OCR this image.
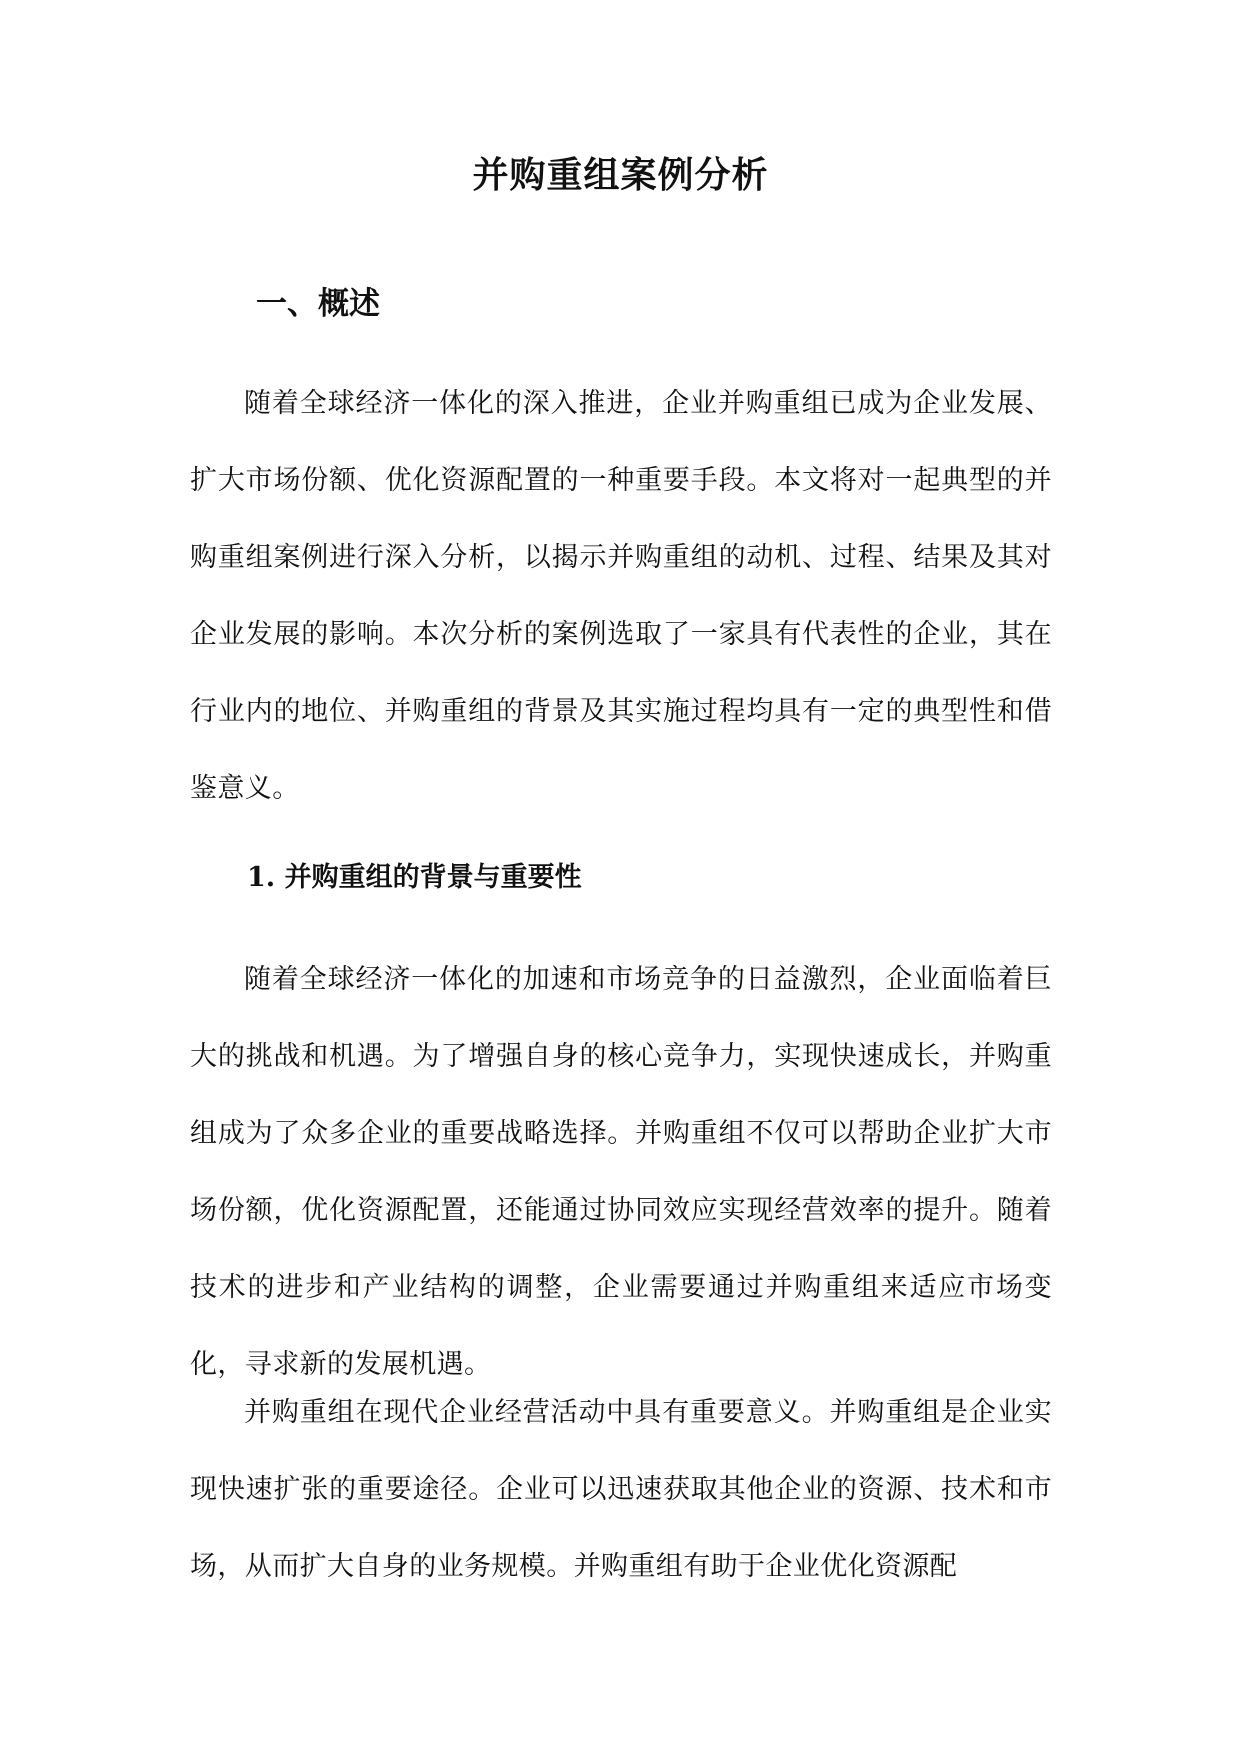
并购重组案例分析
一、概述

随着全球经济一体化的深入推进，企业并购重组已成为企业发展、扩大市场份额、优化资源配置的一种重要手段。本文将对一起典型的并购重组案例进行深入分析，以揭示并购重组的动机、过程、结果及其对企业发展的影响。本次分析的案例选取了一家具有代表性的企业，其在行业内的地位、并购重组的背景及其实施过程均具有一定的典型性和借鉴意义。

1. 并购重组的背景与重要性

随着全球经济一体化的加速和市场竞争的日益激烈，企业面临着巨大的挑战和机遇。为了增强自身的核心竞争力，实现快速成长，并购重组成为了众多企业的重要战略选择。并购重组不仅可以帮助企业扩大市场份额，优化资源配置，还能通过协同效应实现经营效率的提升。随着技术的进步和产业结构的调整，企业需要通过并购重组来适应市场变化，寻求新的发展机遇。

并购重组在现代企业经营活动中具有重要意义。并购重组是企业实现快速扩张的重要途径。企业可以迅速获取其他企业的资源、技术和市场，从而扩大自身的业务规模。并购重组有助于企业优化资源配
